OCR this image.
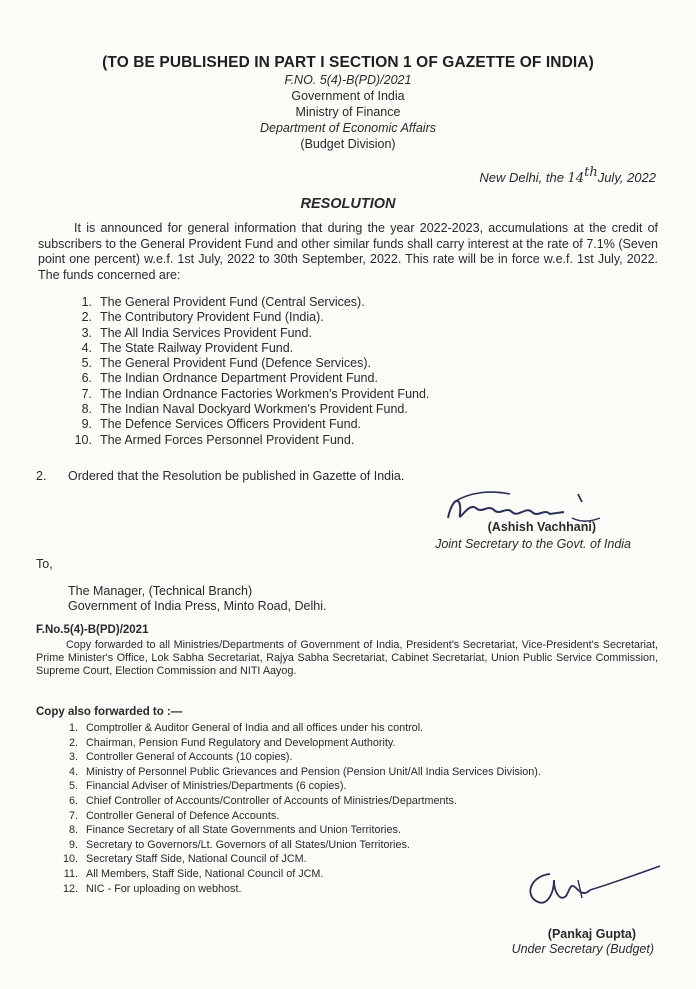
(TO BE PUBLISHED IN PART I SECTION 1 OF GAZETTE OF INDIA)
F.NO. 5(4)-B(PD)/2021
Government of India
Ministry of Finance
Department of Economic Affairs
(Budget Division)
New Delhi, the 14thJuly, 2022
RESOLUTION
It is announced for general information that during the year 2022-2023, accumulations at the credit of subscribers to the General Provident Fund and other similar funds shall carry interest at the rate of 7.1% (Seven point one percent) w.e.f. 1st July, 2022 to 30th September, 2022. This rate will be in force w.e.f. 1st July, 2022. The funds concerned are:
1. The General Provident Fund (Central Services).
2. The Contributory Provident Fund (India).
3. The All India Services Provident Fund.
4. The State Railway Provident Fund.
5. The General Provident Fund (Defence Services).
6. The Indian Ordnance Department Provident Fund.
7. The Indian Ordnance Factories Workmen's Provident Fund.
8. The Indian Naval Dockyard Workmen's Provident Fund.
9. The Defence Services Officers Provident Fund.
10. The Armed Forces Personnel Provident Fund.
2. Ordered that the Resolution be published in Gazette of India.
(Ashish Vachhani)
Joint Secretary to the Govt. of India
To,
The Manager, (Technical Branch)
Government of India Press, Minto Road, Delhi.
F.No.5(4)-B(PD)/2021
Copy forwarded to all Ministries/Departments of Government of India, President's Secretariat, Vice-President's Secretariat, Prime Minister's Office, Lok Sabha Secretariat, Rajya Sabha Secretariat, Cabinet Secretariat, Union Public Service Commission, Supreme Court, Election Commission and NITI Aayog.
Copy also forwarded to :—
1. Comptroller & Auditor General of India and all offices under his control.
2. Chairman, Pension Fund Regulatory and Development Authority.
3. Controller General of Accounts (10 copies).
4. Ministry of Personnel Public Grievances and Pension (Pension Unit/All India Services Division).
5. Financial Adviser of Ministries/Departments (6 copies).
6. Chief Controller of Accounts/Controller of Accounts of Ministries/Departments.
7. Controller General of Defence Accounts.
8. Finance Secretary of all State Governments and Union Territories.
9. Secretary to Governors/Lt. Governors of all States/Union Territories.
10. Secretary Staff Side, National Council of JCM.
11. All Members, Staff Side, National Council of JCM.
12. NIC - For uploading on webhost.
(Pankaj Gupta)
Under Secretary (Budget)
